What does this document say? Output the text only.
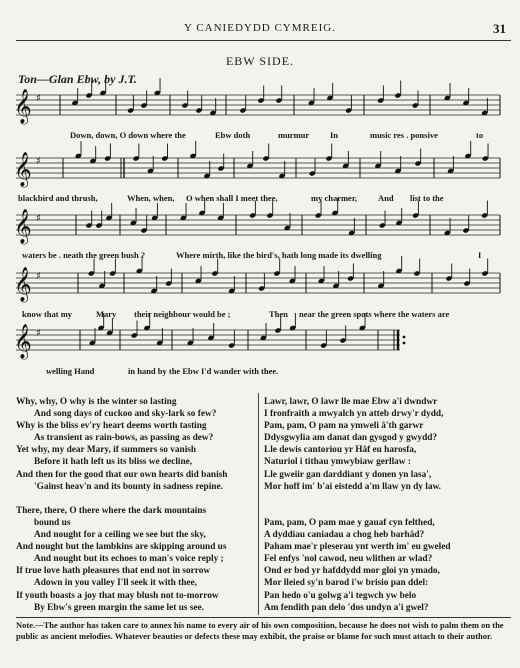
Y CANIEDYDD CYMREIG.	31
EBW SIDE.
Ton—Glan Ebw, by J.T.
𝄞 ♯
𝄞 ♯
𝄞 ♯
𝄞 ♯
𝄞 ♯
Down, down, O down where the	Ebw doth	murmur In	music res . ponsive	to
blackbird and thrush,	When, when, O when shall I meet thee,	my charmer, And list to the
waters be . neath the green bush ?	Where mirth, like the bird's, hath long made its dwelling	I
know that my	Mary their neighbour would be ;	Then near the green spots where the waters are
welling Hand	in hand by the Ebw I'd wander with thee.
Why, why, O why is the winter so lasting
And song days of cuckoo and sky-lark so few?
Why is the bliss ev'ry heart deems worth tasting
As transient as rain-bows, as passing as dew?
Yet why, my dear Mary, if summers so vanish
Before it hath left us its bliss we decline,
And then for the good that our own hearts did banish
'Gainst heav'n and its bounty in sadness repine.
There, there, O there where the dark mountains
bound us
And nought for a ceiling we see but the sky,
And nought but the lambkins are skipping around us
And nought but its echoes to man's voice reply ;
If true love hath pleasures that end not in sorrow
Adown in you valley I'll seek it with thee,
If youth boasts a joy that may blush not to-morrow
By Ebw's green margin the same let us see.
Lawr, lawr, O lawr lle mae Ebw a'i dwndwr
I fronfraith a mwyalch yn atteb drwy'r dydd,
Pam, pam, O pam na ymweli â'th garwr
Ddysgwylia am danat dan gysgod y gwydd?
Lle dewis cantoriou yr Hâf eu harosfa,
Naturiol i tithau ymwybiaw gerllaw :
Lle gweiir gan darddiant y donen yn lasa',
Mor hoff im' b'ai eistedd a'm llaw yn dy law.
Pam, pam, O pam mae y gauaf cyn felthed,
A dyddiau caniadau a chog heb barhâd?
Paham mae'r pleserau ynt werth im' eu gweled
Fel enfys 'nol cawod, neu wlithen ar wlad?
Ond er bod yr hafddydd mor gloi yn ymado,
Mor lleied sy'n barod i'w brisio pan ddel:
Pan hedo o'u golwg a'i tegwch yw belo
Am fendith pan delo 'dos undyn a'i gwel?
Note.—The author has taken care to annex his name to every air of his own composition, because he does not wish to palm them on the public as ancient melodies. Whatever beauties or defects these may exhibit, the praise or blame for such must attach to their author.
